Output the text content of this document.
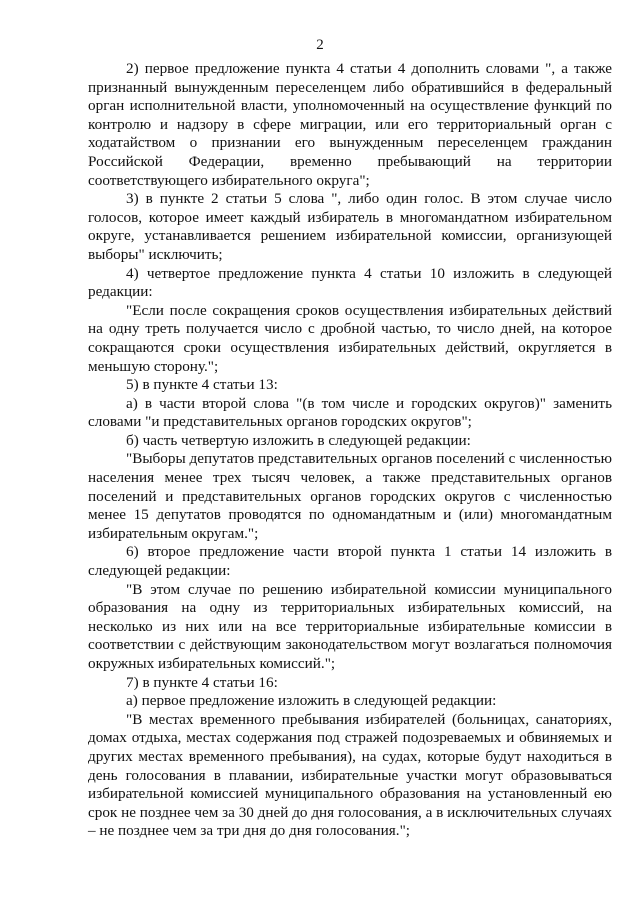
2

2) первое предложение пункта 4 статьи 4 дополнить словами ", а также признанный вынужденным переселенцем либо обратившийся в федеральный орган исполнительной власти, уполномоченный на осуществление функций по контролю и надзору в сфере миграции, или его территориальный орган с ходатайством о признании его вынужденным переселенцем гражданин Российской Федерации, временно пребывающий на территории соответствующего избирательного округа";

3) в пункте 2 статьи 5 слова ", либо один голос. В этом случае число голосов, которое имеет каждый избиратель в многомандатном избирательном округе, устанавливается решением избирательной комиссии, организующей выборы" исключить;

4) четвертое предложение пункта 4 статьи 10 изложить в следующей редакции:

"Если после сокращения сроков осуществления избирательных действий на одну треть получается число с дробной частью, то число дней, на которое сокращаются сроки осуществления избирательных действий, округляется в меньшую сторону.";

5) в пункте 4 статьи 13:

а) в части второй слова "(в том числе и городских округов)" заменить словами "и представительных органов городских округов";

б) часть четвертую изложить в следующей редакции:

"Выборы депутатов представительных органов поселений с численностью населения менее трех тысяч человек, а также представительных органов поселений и представительных органов городских округов с численностью менее 15 депутатов проводятся по одномандатным и (или) многомандатным избирательным округам.";

6) второе предложение части второй пункта 1 статьи 14 изложить в следующей редакции:

"В этом случае по решению избирательной комиссии муниципального образования на одну из территориальных избирательных комиссий, на несколько из них или на все территориальные избирательные комиссии в соответствии с действующим законодательством могут возлагаться полномочия окружных избирательных комиссий.";

7) в пункте 4 статьи 16:

а) первое предложение изложить в следующей редакции:

"В местах временного пребывания избирателей (больницах, санаториях, домах отдыха, местах содержания под стражей подозреваемых и обвиняемых и других местах временного пребывания), на судах, которые будут находиться в день голосования в плавании, избирательные участки могут образовываться избирательной комиссией муниципального образования на установленный ею срок не позднее чем за 30 дней до дня голосования, а в исключительных случаях – не позднее чем за три дня до дня голосования.";
